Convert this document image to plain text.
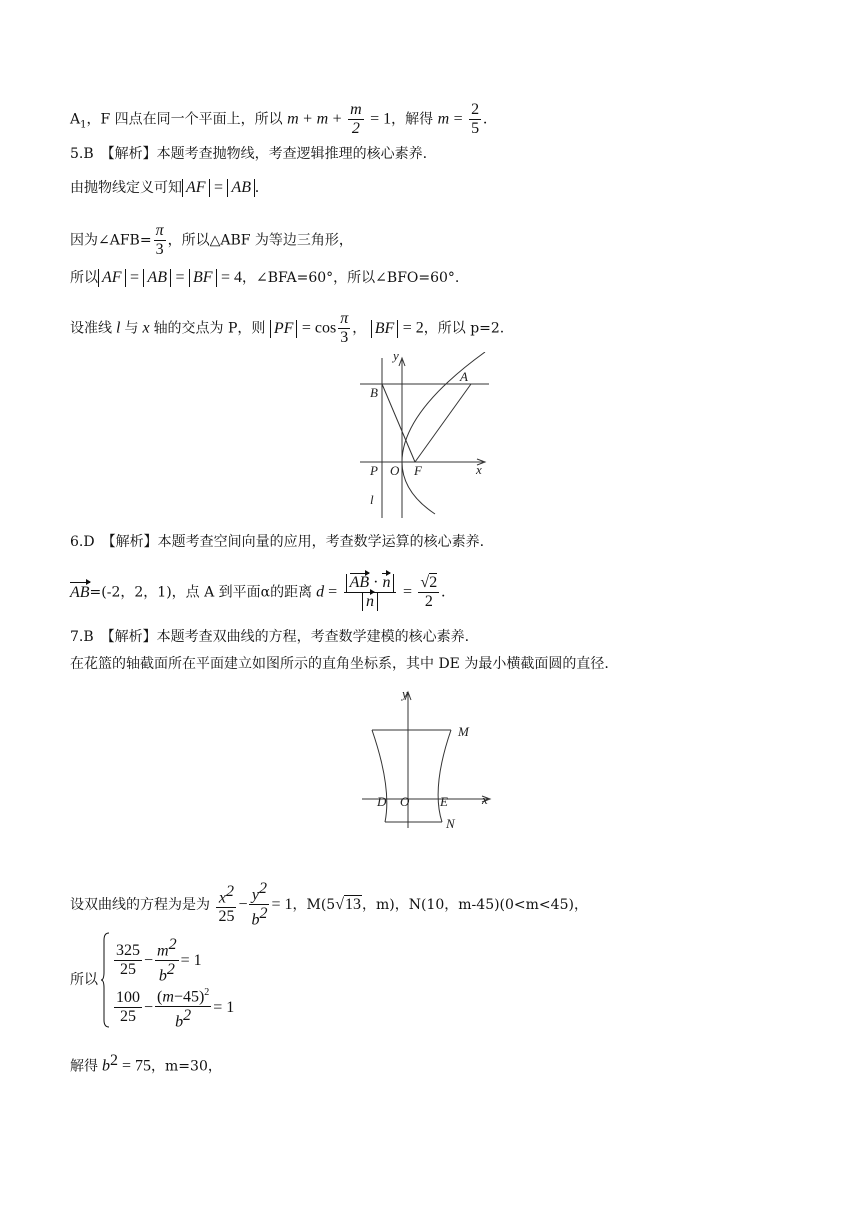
$A_1$，F 四点在同一个平面上，所以 $m + m + \frac{m}{2} = 1$，解得 $m = \frac{2}{5}$ .
5.B　【解析】本题考查抛物线，考查逻辑推理的核心素养.
由抛物线定义可知 AF = AB .
因为∠AFB= $\frac{\pi}{3}$ ，所以△ABF 为等边三角形，
所以 AF = AB = BF = 4，∠BFA=60°，所以∠BFO=60°.
设准线 l 与 x 轴的交点为 P，则 PF = $\cos \frac{\pi}{3}$ ， BF = 2，所以 p=2.
y
A
B
P O F	x
l
6.D　【解析】本题考查空间向量的应用，考查数学运算的核心素养.
AB=(-2，2，1)，点 A 到平面α的距离 $d = \frac{AB \cdot n}{n} = \frac{√2}{2}$ .
7.B　【解析】本题考查双曲线的方程，考查数学建模的核心素养.
在花篮的轴截面所在平面建立如图所示的直角坐标系，其中 DE 为最小横截面圆的直径.
y
M
D O E	x
N
设双曲线的方程为是为 $\frac{x^2}{25} - \frac{y^2}{b^2} = 1$，M(5√13，m)，N(10，m-45)(0<m<45)，
所以
$\frac{325}{25} - \frac{m^2}{b^2} = 1$
$\frac{100}{25} - \frac{(m-45)^2}{b^2} = 1$
解得 $b^2 = 75$，m=30，
